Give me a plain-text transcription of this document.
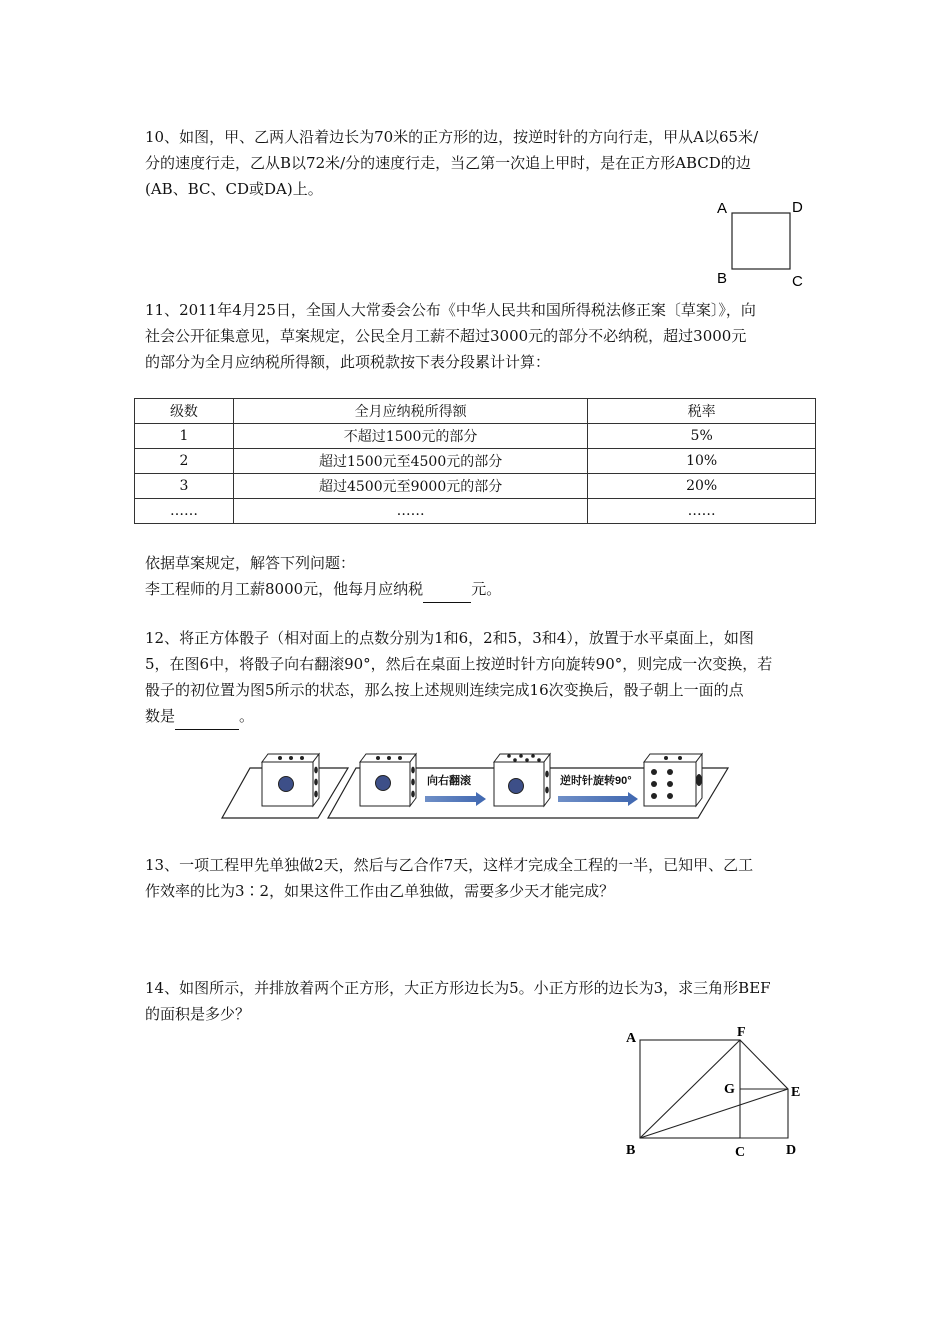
10、如图，甲、乙两人沿着边长为70米的正方形的边，按逆时针的方向行走，甲从A以65米/
分的速度行走，乙从B以72米/分的速度行走，当乙第一次追上甲时，是在正方形ABCD的边
(AB、BC、CD或DA)上。

A	D
B	C

11、2011年4月25日，全国人大常委会公布《中华人民共和国所得税法修正案〔草案〕》，向
社会公开征集意见，草案规定，公民全月工薪不超过3000元的部分不必纳税，超过3000元
的部分为全月应纳税所得额，此项税款按下表分段累计计算：

级数	全月应纳税所得额	税率
1	不超过1500元的部分	5%
2	超过1500元至4500元的部分	10%
3	超过4500元至9000元的部分	20%
……	……	……

依据草案规定，解答下列问题：
李工程师的月工薪8000元，他每月应纳税	元。

12、将正方体骰子（相对面上的点数分别为1和6，2和5，3和4），放置于水平桌面上，如图
5，在图6中，将骰子向右翻滚90°，然后在桌面上按逆时针方向旋转90°，则完成一次变换，若
骰子的初位置为图5所示的状态，那么按上述规则连续完成16次变换后，骰子朝上一面的点
数是	。

向右翻滚	逆时针旋转90°

13、一项工程甲先单独做2天，然后与乙合作7天，这样才完成全工程的一半，已知甲、乙工
作效率的比为3∶2，如果这件工作由乙单独做，需要多少天才能完成？

14、如图所示，并排放着两个正方形，大正方形边长为5。小正方形的边长为3，求三角形BEF
的面积是多少？

A	F
G	E
B	C	D
